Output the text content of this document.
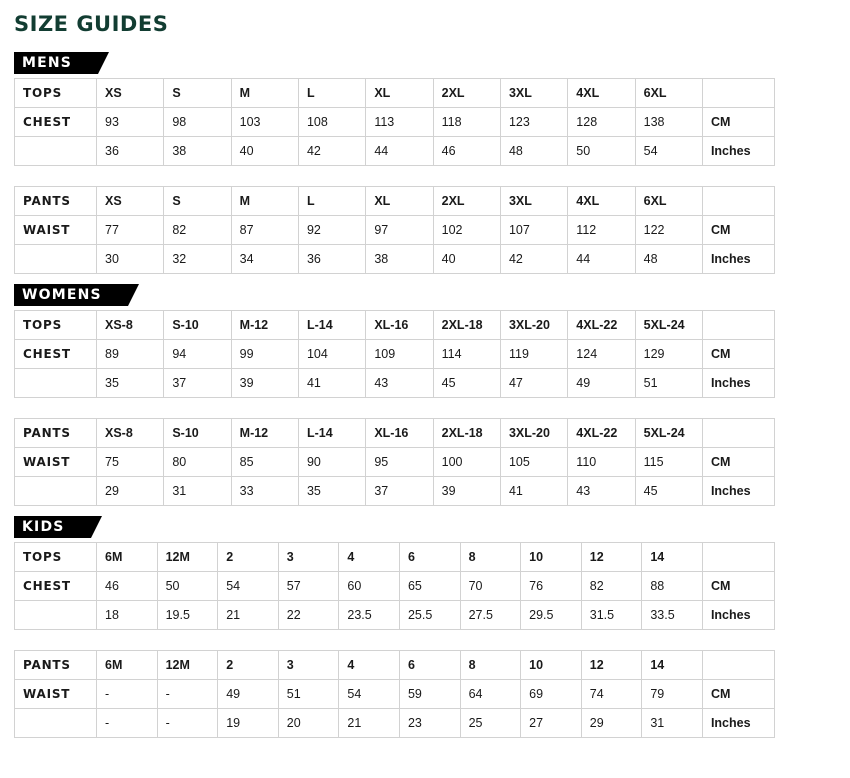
SIZE GUIDES
MENS
TOPS	XS	S	M	L	XL	2XL	3XL	4XL	6XL	
CHEST	93	98	103	108	113	118	123	128	138	CM
	36	38	40	42	44	46	48	50	54	Inches
PANTS	XS	S	M	L	XL	2XL	3XL	4XL	6XL	
WAIST	77	82	87	92	97	102	107	112	122	CM
	30	32	34	36	38	40	42	44	48	Inches
WOMENS
TOPS	XS-8	S-10	M-12	L-14	XL-16	2XL-18	3XL-20	4XL-22	5XL-24	
CHEST	89	94	99	104	109	114	119	124	129	CM
	35	37	39	41	43	45	47	49	51	Inches
PANTS	XS-8	S-10	M-12	L-14	XL-16	2XL-18	3XL-20	4XL-22	5XL-24	
WAIST	75	80	85	90	95	100	105	110	115	CM
	29	31	33	35	37	39	41	43	45	Inches
KIDS
TOPS	6M	12M	2	3	4	6	8	10	12	14	
CHEST	46	50	54	57	60	65	70	76	82	88	CM
	18	19.5	21	22	23.5	25.5	27.5	29.5	31.5	33.5	Inches
PANTS	6M	12M	2	3	4	6	8	10	12	14	
WAIST	-	-	49	51	54	59	64	69	74	79	CM
	-	-	19	20	21	23	25	27	29	31	Inches
